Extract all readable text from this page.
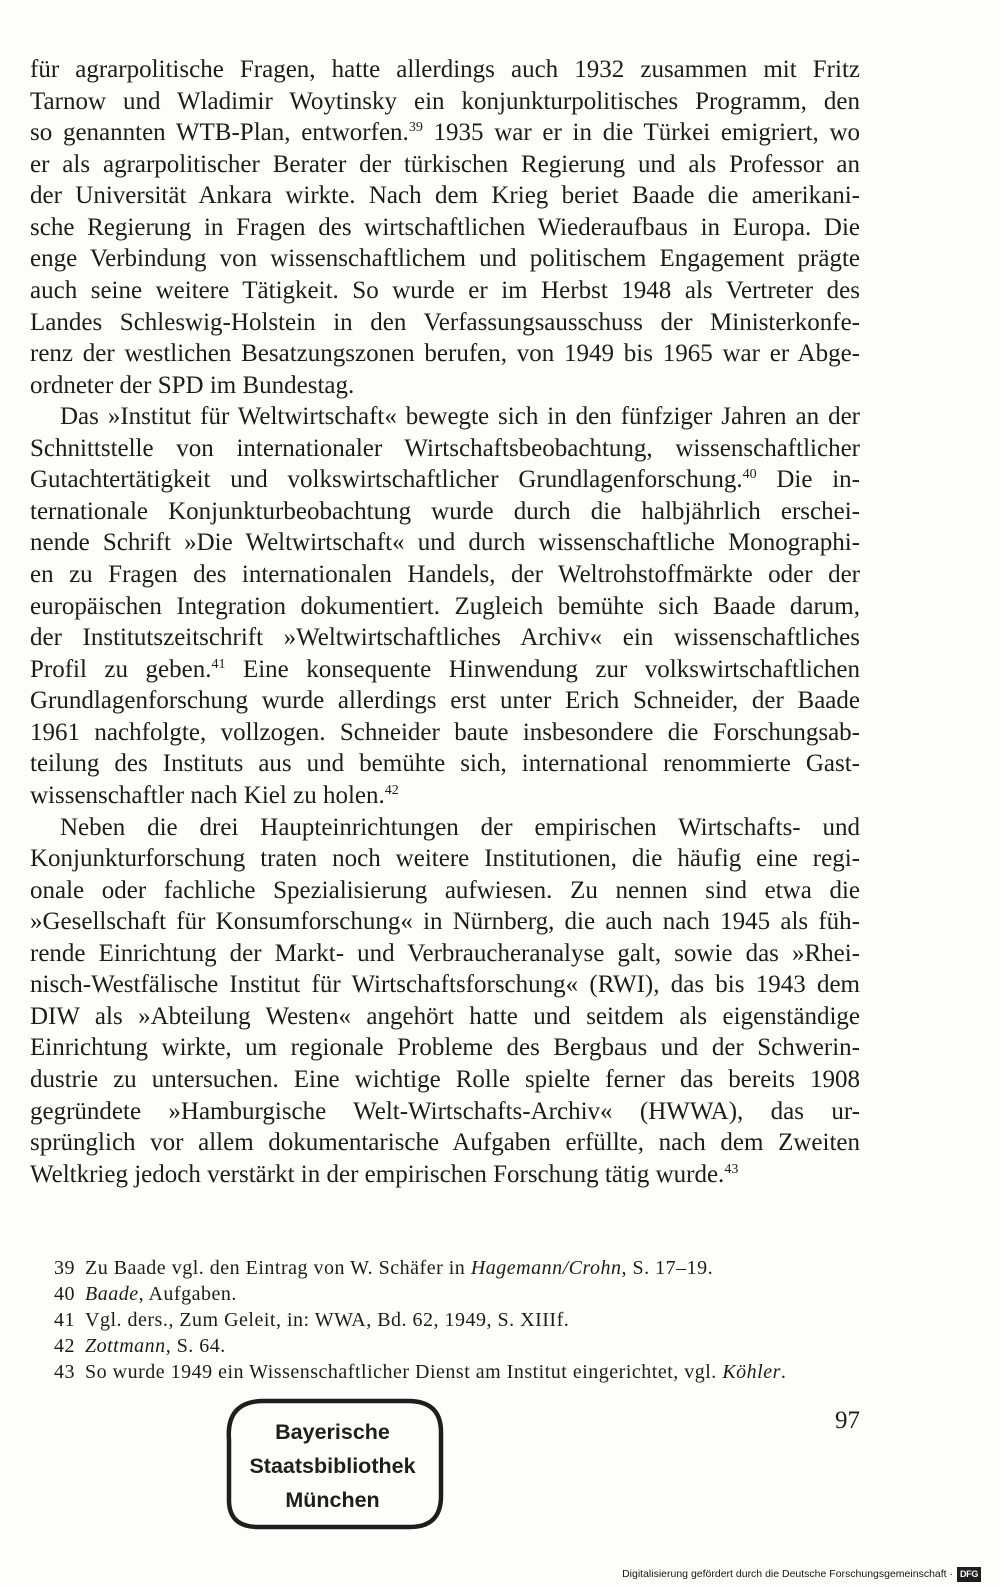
für agrarpolitische Fragen, hatte allerdings auch 1932 zusammen mit Fritz
Tarnow und Wladimir Woytinsky ein konjunkturpolitisches Programm, den
so genannten WTB-Plan, entworfen.$^{39}$ 1935 war er in die Türkei emigriert, wo
er als agrarpolitischer Berater der türkischen Regierung und als Professor an
der Universität Ankara wirkte. Nach dem Krieg beriet Baade die amerikani-
sche Regierung in Fragen des wirtschaftlichen Wiederaufbaus in Europa. Die
enge Verbindung von wissenschaftlichem und politischem Engagement prägte
auch seine weitere Tätigkeit. So wurde er im Herbst 1948 als Vertreter des
Landes Schleswig-Holstein in den Verfassungsausschuss der Ministerkonfe-
renz der westlichen Besatzungszonen berufen, von 1949 bis 1965 war er Abge-
ordneter der SPD im Bundestag.
Das »Institut für Weltwirtschaft« bewegte sich in den fünfziger Jahren an der
Schnittstelle von internationaler Wirtschaftsbeobachtung, wissenschaftlicher
Gutachtertätigkeit und volkswirtschaftlicher Grundlagenforschung.$^{40}$ Die in-
ternationale Konjunkturbeobachtung wurde durch die halbjährlich erschei-
nende Schrift »Die Weltwirtschaft« und durch wissenschaftliche Monographi-
en zu Fragen des internationalen Handels, der Weltrohstoffmärkte oder der
europäischen Integration dokumentiert. Zugleich bemühte sich Baade darum,
der Institutszeitschrift »Weltwirtschaftliches Archiv« ein wissenschaftliches
Profil zu geben.$^{41}$ Eine konsequente Hinwendung zur volkswirtschaftlichen
Grundlagenforschung wurde allerdings erst unter Erich Schneider, der Baade
1961 nachfolgte, vollzogen. Schneider baute insbesondere die Forschungsab-
teilung des Instituts aus und bemühte sich, international renommierte Gast-
wissenschaftler nach Kiel zu holen.$^{42}$
Neben die drei Haupteinrichtungen der empirischen Wirtschafts- und
Konjunkturforschung traten noch weitere Institutionen, die häufig eine regi-
onale oder fachliche Spezialisierung aufwiesen. Zu nennen sind etwa die
»Gesellschaft für Konsumforschung« in Nürnberg, die auch nach 1945 als füh-
rende Einrichtung der Markt- und Verbraucheranalyse galt, sowie das »Rhei-
nisch-Westfälische Institut für Wirtschaftsforschung« (RWI), das bis 1943 dem
DIW als »Abteilung Westen« angehört hatte und seitdem als eigenständige
Einrichtung wirkte, um regionale Probleme des Bergbaus und der Schwerin-
dustrie zu untersuchen. Eine wichtige Rolle spielte ferner das bereits 1908
gegründete »Hamburgische Welt-Wirtschafts-Archiv« (HWWA), das ur-
sprünglich vor allem dokumentarische Aufgaben erfüllte, nach dem Zweiten
Weltkrieg jedoch verstärkt in der empirischen Forschung tätig wurde.$^{43}$
39 Zu Baade vgl. den Eintrag von W. Schäfer in Hagemann/Crohn, S. 17–19.
40 Baade, Aufgaben.
41 Vgl. ders., Zum Geleit, in: WWA, Bd. 62, 1949, S. XIIIf.
42 Zottmann, S. 64.
43 So wurde 1949 ein Wissenschaftlicher Dienst am Institut eingerichtet, vgl. Köhler.
97
Bayerische
Staatsbibliothek
München
Digitalisierung gefördert durch die Deutsche Forschungsgemeinschaft · DFG
